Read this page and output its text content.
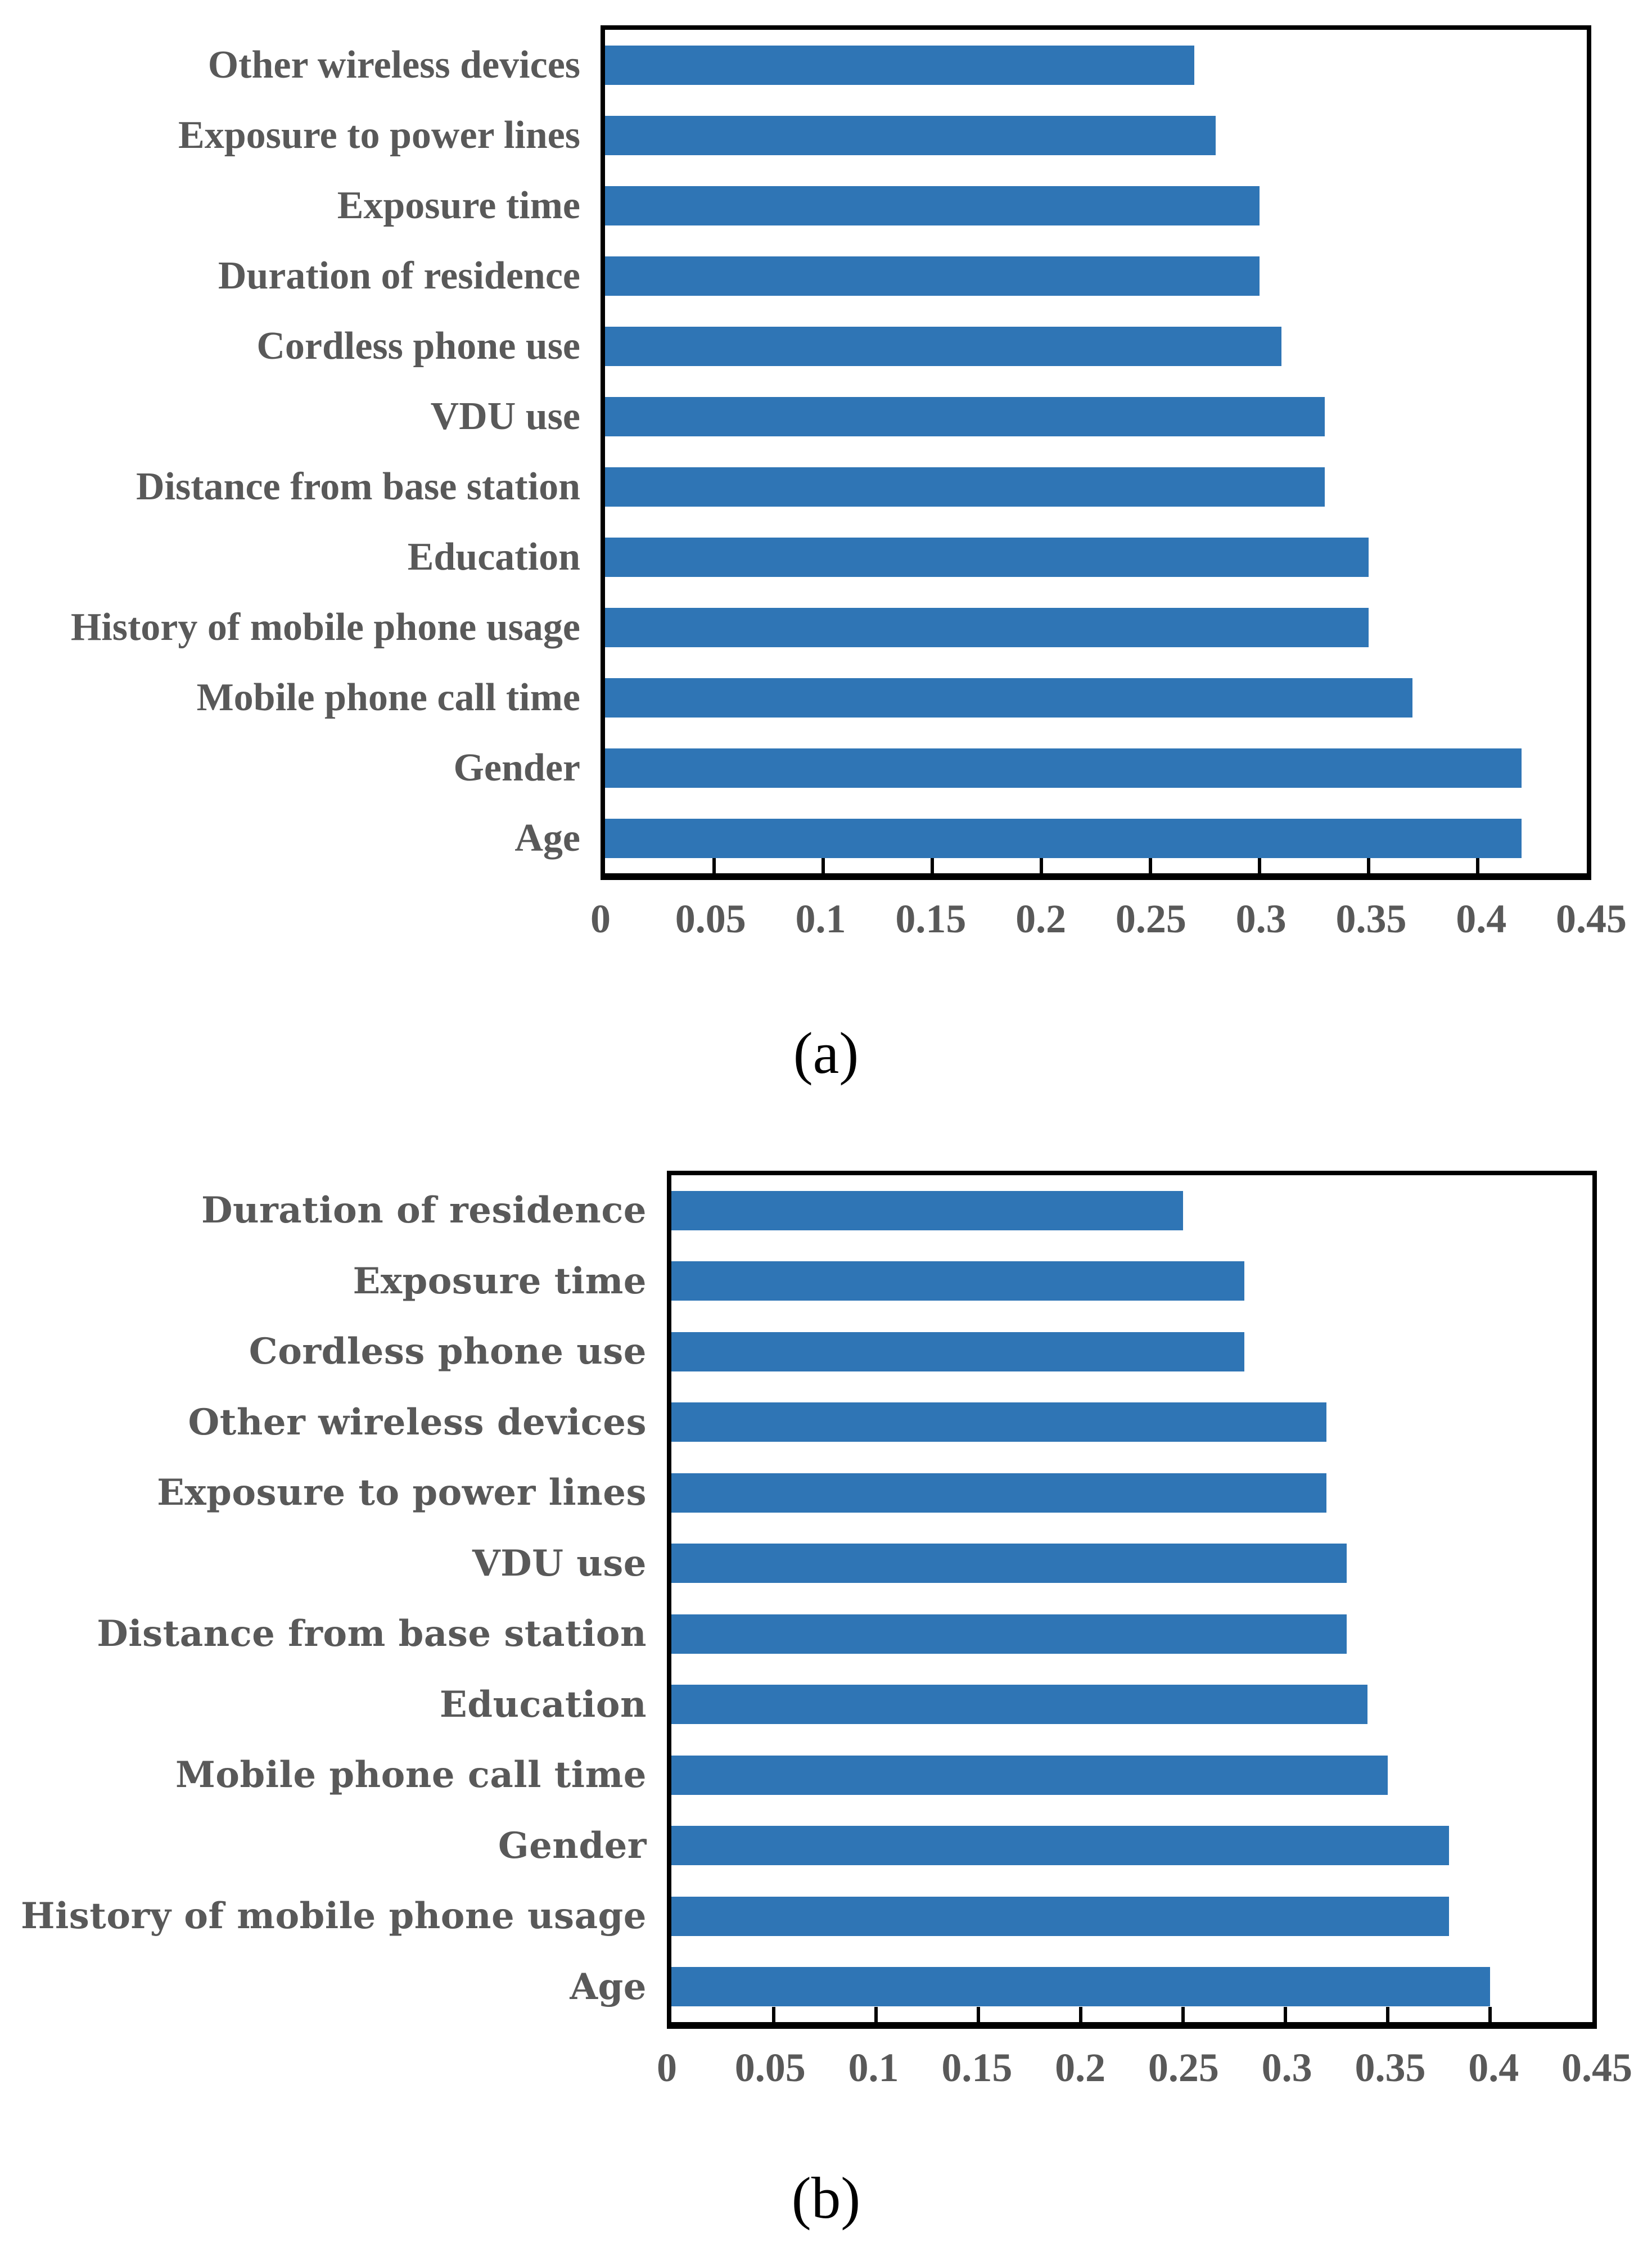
Other wireless devices
Exposure to power lines
Exposure time
Duration of residence
Cordless phone use
VDU use
Distance from base station
Education
History of mobile phone usage
Mobile phone call time
Gender
Age
0 0.05 0.1 0.15 0.2 0.25 0.3 0.35 0.4 0.45
(a)
Duration of residence
Exposure time
Cordless phone use
Other wireless devices
Exposure to power lines
VDU use
Distance from base station
Education
Mobile phone call time
Gender
History of mobile phone usage
Age
0 0.05 0.1 0.15 0.2 0.25 0.3 0.35 0.4 0.45
(b)
